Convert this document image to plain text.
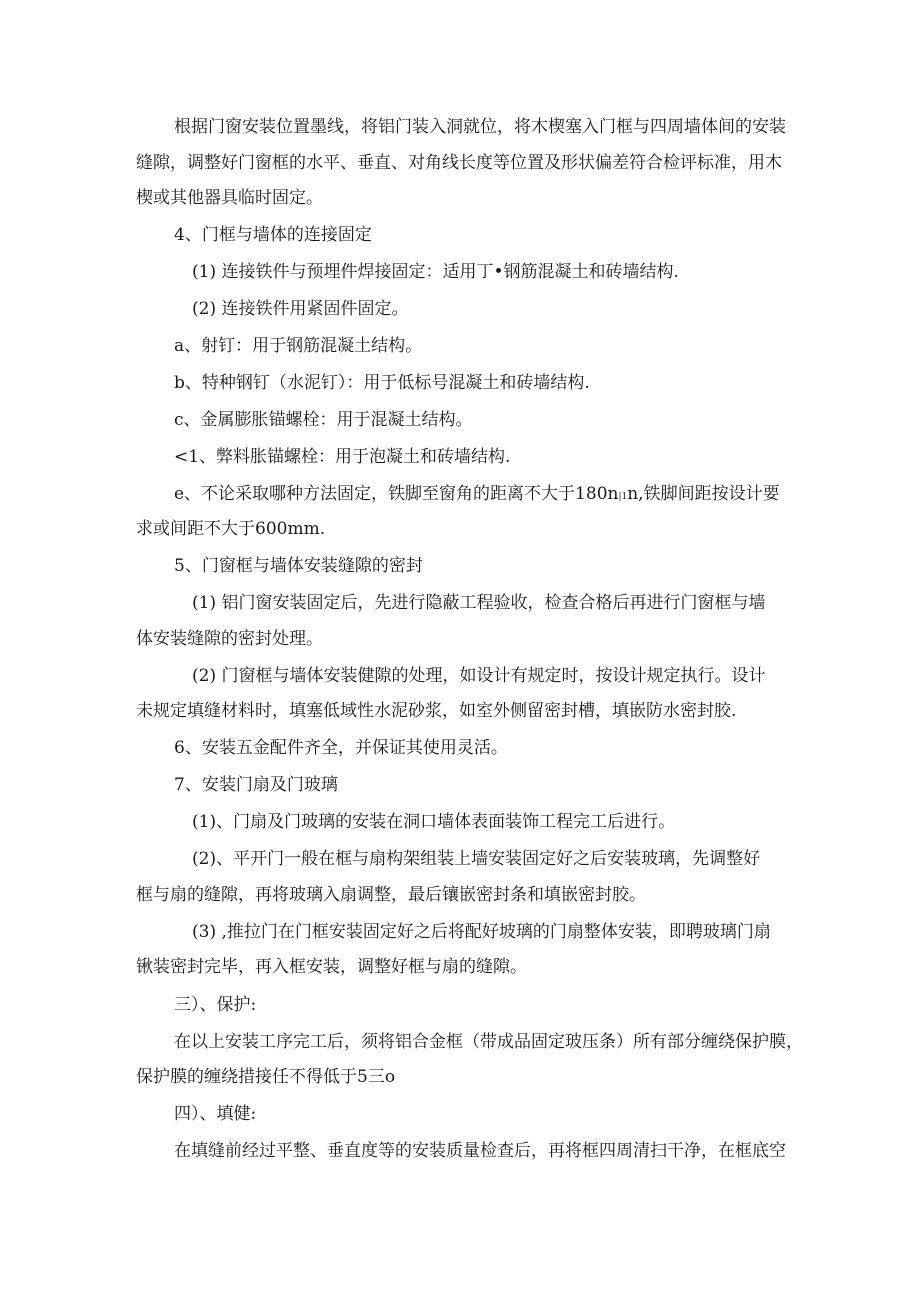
根据门窗安装位置墨线，将铝门装入洞就位，将木楔塞入门框与四周墙体间的安装
缝隙，调整好门窗框的水平、垂直、对角线长度等位置及形状偏差符合检评标准，用木
楔或其他器具临时固定。
4、门框与墙体的连接固定
(1) 连接铁件与预埋件焊接固定：适用丁•钢筋混凝土和砖墙结构.
(2) 连接铁件用紧固件固定。
a、射钉：用于钢筋混凝土结构。
b、特种钢钉（水泥钉）：用于低标号混凝土和砖墙结构.
c、金属膨胀锚螺栓：用于混凝土结构。
<1、弊料胀锚螺栓：用于泡凝土和砖墙结构.
e、不论采取哪种方法固定，铁脚至窗角的距离不大于180n|1n,铁脚间距按设计要
求或间距不大于600mm.
5、门窗框与墙体安装缝隙的密封
(1) 铝门窗安装固定后，先进行隐蔽工程验收，检查合格后再进行门窗框与墙
体安装缝隙的密封处理。
(2) 门窗框与墙体安装健隙的处理，如设计有规定时，按设计规定执行。设计
未规定填缝材料时，填塞低域性水泥砂浆，如室外侧留密封槽，填嵌防水密封胶.
6、安装五金配件齐全，并保证其使用灵活。
7、安装门扇及门玻璃
(1)、门扇及门玻璃的安装在洞口墙体表面装饰工程完工后进行。
(2)、平开门一般在框与扇构架组装上墙安装固定好之后安装玻璃，先调整好
框与扇的缝隙，再将玻璃入扇调整，最后镶嵌密封条和填嵌密封胶。
(3) ,推拉门在门框安装固定好之后将配好坡璃的门扇整体安装，即聘玻璃门扇
锹装密封完毕，再入框安装，调整好框与扇的缝隙。
三）、保护:
在以上安装工序完工后，须将铝合金框（带成品固定玻压条）所有部分缠绕保护膜，
保护膜的缠绕措接任不得低于5三o
四）、填健:
在填缝前经过平整、垂直度等的安装质量检查后，再将框四周清扫干净，在框底空
